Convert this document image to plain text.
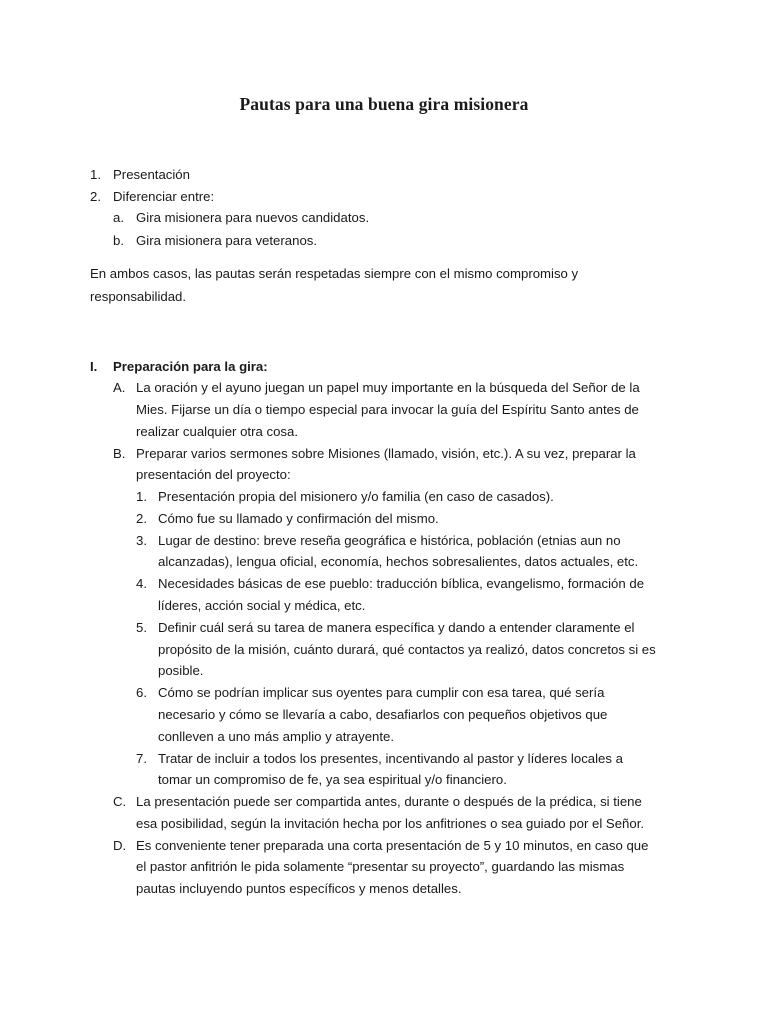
Pautas para una buena gira misionera
1. Presentación
2. Diferenciar entre:
a. Gira misionera para nuevos candidatos.
b. Gira misionera para veteranos.
En ambos casos, las pautas serán respetadas siempre con el mismo compromiso y
responsabilidad.
I. Preparación para la gira:
A. La oración y el ayuno juegan un papel muy importante en la búsqueda del Señor de la
Mies. Fijarse un día o tiempo especial para invocar la guía del Espíritu Santo antes de
realizar cualquier otra cosa.
B. Preparar varios sermones sobre Misiones (llamado, visión, etc.). A su vez, preparar la
presentación del proyecto:
1. Presentación propia del misionero y/o familia (en caso de casados).
2. Cómo fue su llamado y confirmación del mismo.
3. Lugar de destino: breve reseña geográfica e histórica, población (etnias aun no
alcanzadas), lengua oficial, economía, hechos sobresalientes, datos actuales, etc.
4. Necesidades básicas de ese pueblo: traducción bíblica, evangelismo, formación de
líderes, acción social y médica, etc.
5. Definir cuál será su tarea de manera específica y dando a entender claramente el
propósito de la misión, cuánto durará, qué contactos ya realizó, datos concretos si es
posible.
6. Cómo se podrían implicar sus oyentes para cumplir con esa tarea, qué sería
necesario y cómo se llevaría a cabo, desafiarlos con pequeños objetivos que
conlleven a uno más amplio y atrayente.
7. Tratar de incluir a todos los presentes, incentivando al pastor y líderes locales a
tomar un compromiso de fe, ya sea espiritual y/o financiero.
C. La presentación puede ser compartida antes, durante o después de la prédica, si tiene
esa posibilidad, según la invitación hecha por los anfitriones o sea guiado por el Señor.
D. Es conveniente tener preparada una corta presentación de 5 y 10 minutos, en caso que
el pastor anfitrión le pida solamente “presentar su proyecto”, guardando las mismas
pautas incluyendo puntos específicos y menos detalles.
